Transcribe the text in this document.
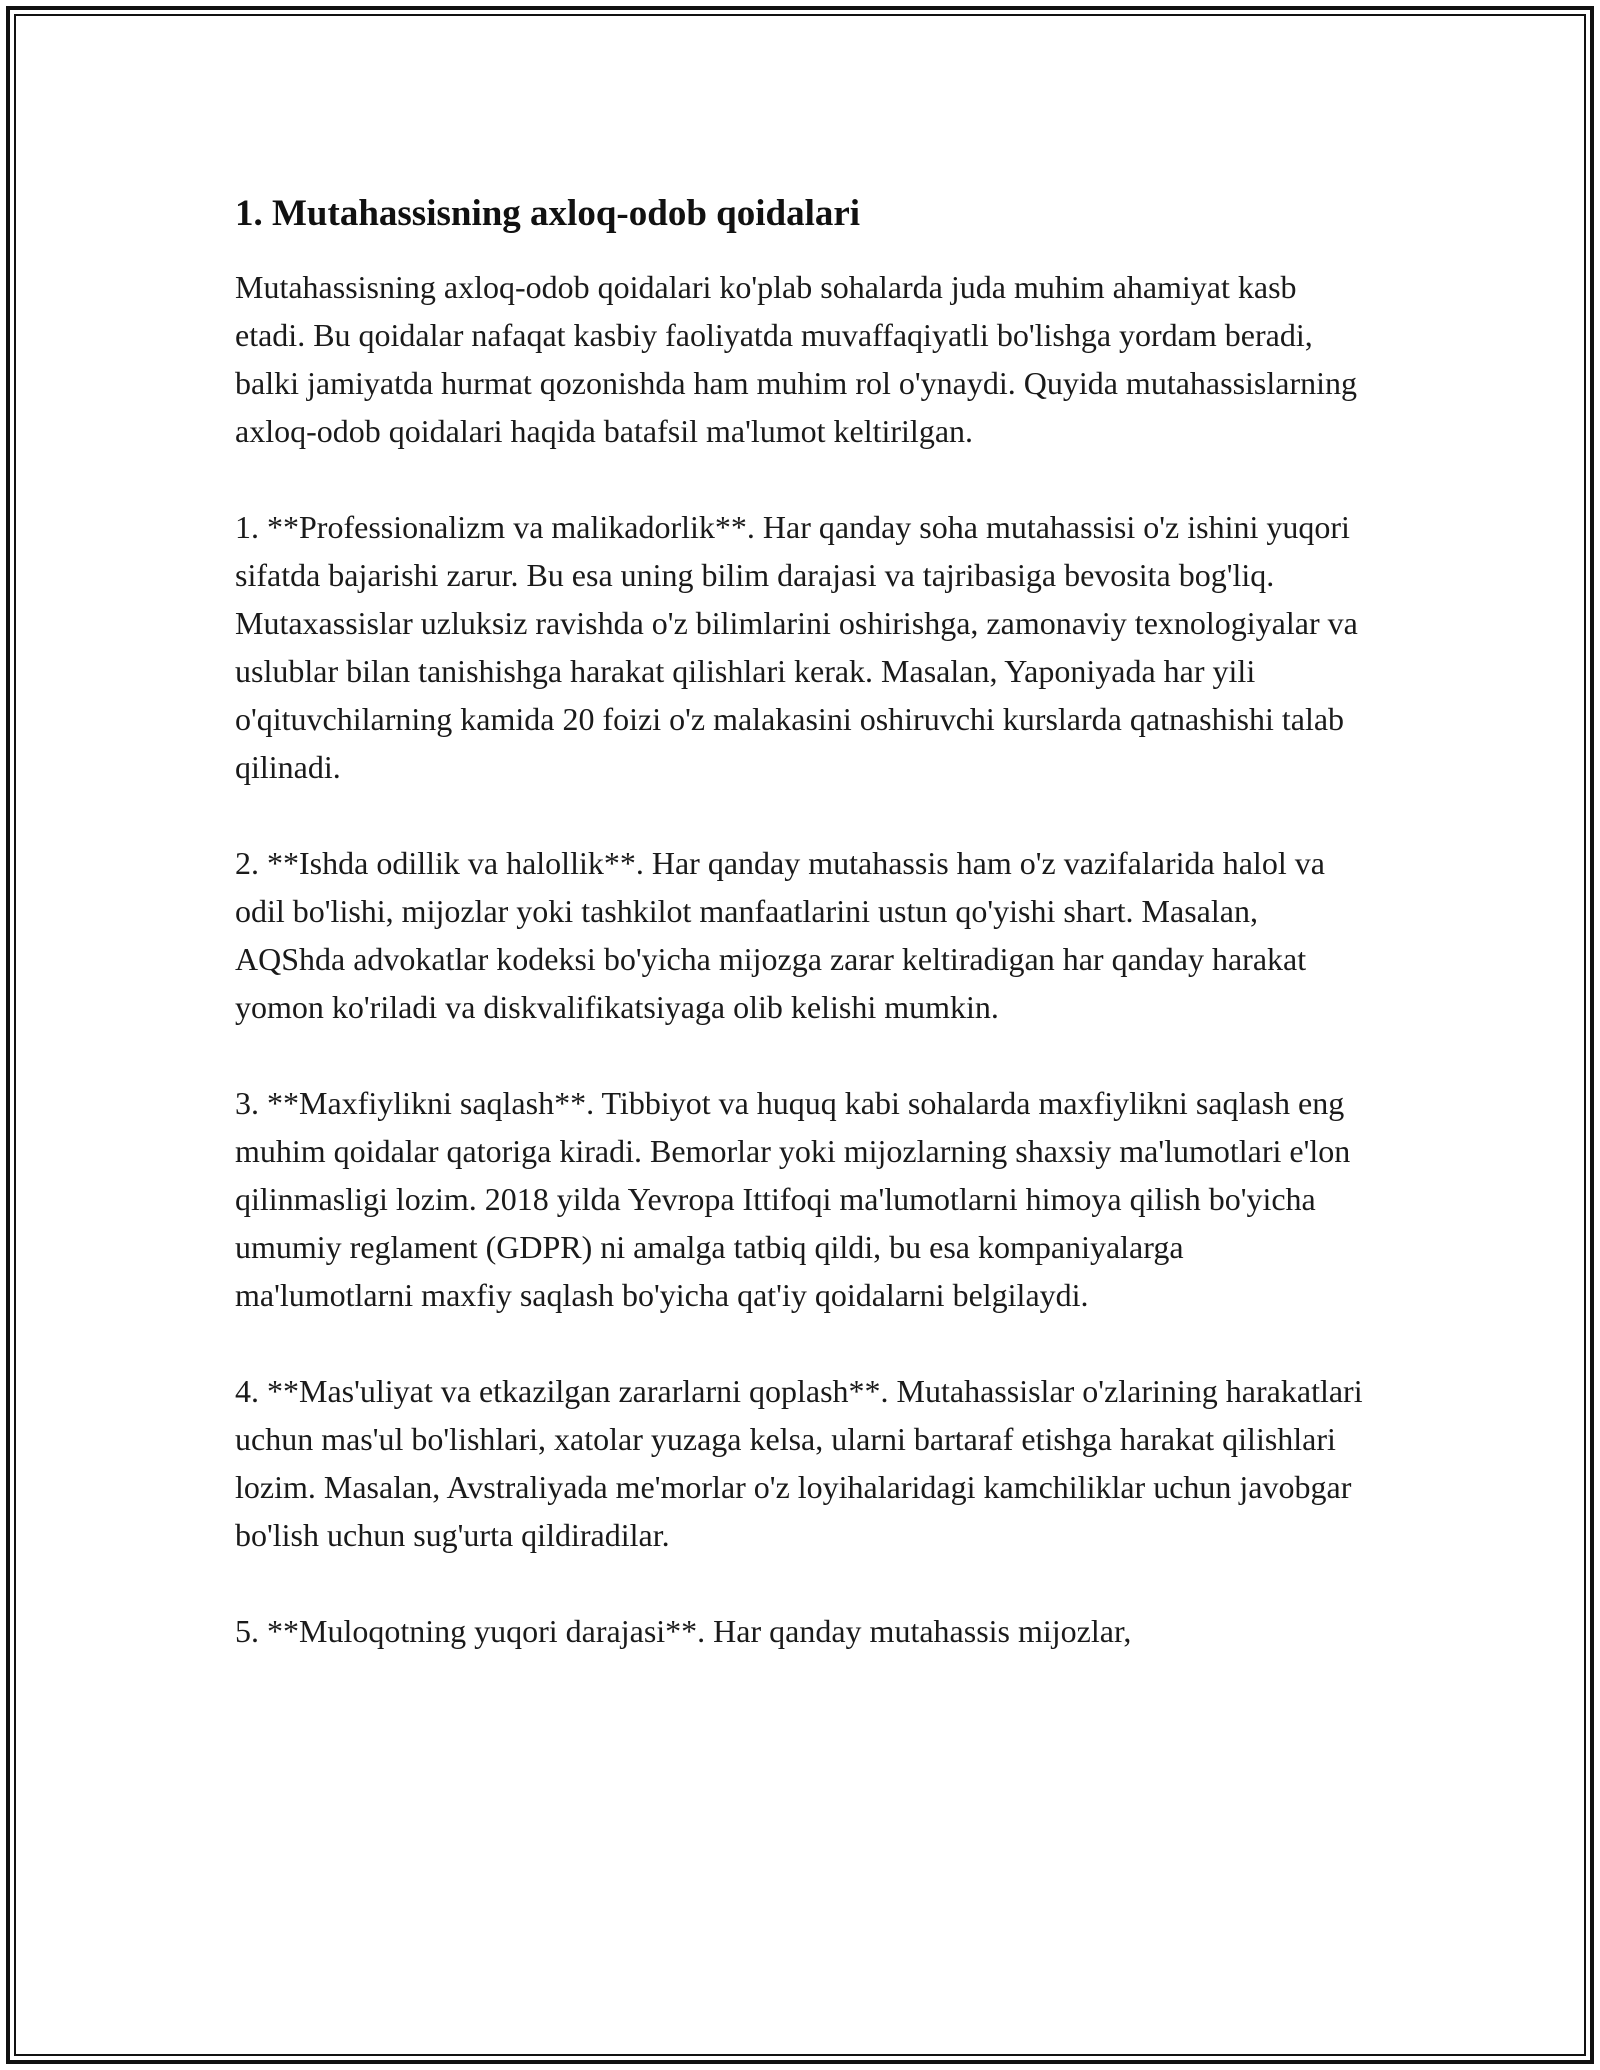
1. Mutahassisning axloq-odob qoidalari

Mutahassisning axloq-odob qoidalari ko'plab sohalarda juda muhim ahamiyat kasb etadi. Bu qoidalar nafaqat kasbiy faoliyatda muvaffaqiyatli bo'lishga yordam beradi, balki jamiyatda hurmat qozonishda ham muhim rol o'ynaydi. Quyida mutahassislarning axloq-odob qoidalari haqida batafsil ma'lumot keltirilgan.

1. **Professionalizm va malikadorlik**. Har qanday soha mutahassisi o'z ishini yuqori sifatda bajarishi zarur. Bu esa uning bilim darajasi va tajribasiga bevosita bog'liq. Mutaxassislar uzluksiz ravishda o'z bilimlarini oshirishga, zamonaviy texnologiyalar va uslublar bilan tanishishga harakat qilishlari kerak. Masalan, Yaponiyada har yili o'qituvchilarning kamida 20 foizi o'z malakasini oshiruvchi kurslarda qatnashishi talab qilinadi.

2. **Ishda odillik va halollik**. Har qanday mutahassis ham o'z vazifalarida halol va odil bo'lishi, mijozlar yoki tashkilot manfaatlarini ustun qo'yishi shart. Masalan, AQShda advokatlar kodeksi bo'yicha mijozga zarar keltiradigan har qanday harakat yomon ko'riladi va diskvalifikatsiyaga olib kelishi mumkin.

3. **Maxfiylikni saqlash**. Tibbiyot va huquq kabi sohalarda maxfiylikni saqlash eng muhim qoidalar qatoriga kiradi. Bemorlar yoki mijozlarning shaxsiy ma'lumotlari e'lon qilinmasligi lozim. 2018 yilda Yevropa Ittifoqi ma'lumotlarni himoya qilish bo'yicha umumiy reglament (GDPR) ni amalga tatbiq qildi, bu esa kompaniyalarga ma'lumotlarni maxfiy saqlash bo'yicha qat'iy qoidalarni belgilaydi.

4. **Mas'uliyat va etkazilgan zararlarni qoplash**. Mutahassislar o'zlarining harakatlari uchun mas'ul bo'lishlari, xatolar yuzaga kelsa, ularni bartaraf etishga harakat qilishlari lozim. Masalan, Avstraliyada me'morlar o'z loyihalaridagi kamchiliklar uchun javobgar bo'lish uchun sug'urta qildiradilar.

5. **Muloqotning yuqori darajasi**. Har qanday mutahassis mijozlar,
